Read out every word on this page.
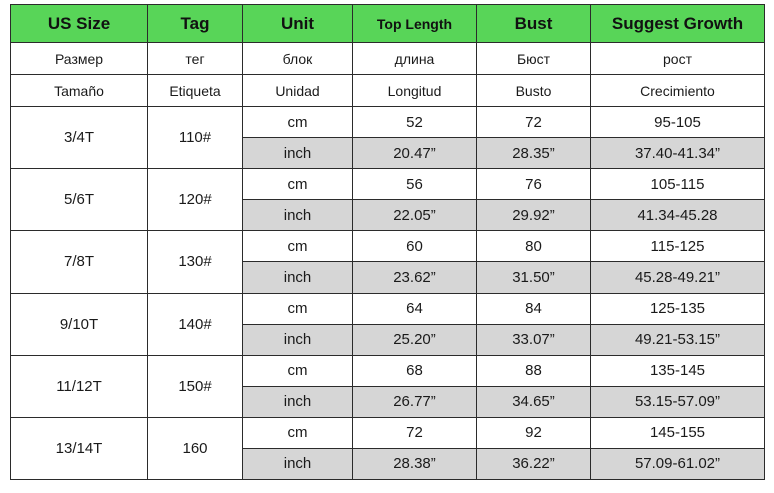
US Size	Tag	Unit	Top Length	Bust	Suggest Growth
Размер	тег	блок	длина	Бюст	рост
Tamaño	Etiqueta	Unidad	Longitud	Busto	Crecimiento
3/4T	110#	cm	52	72	95-105
		inch	20.47”	28.35”	37.40-41.34”
5/6T	120#	cm	56	76	105-115
		inch	22.05”	29.92”	41.34-45.28
7/8T	130#	cm	60	80	115-125
		inch	23.62”	31.50”	45.28-49.21”
9/10T	140#	cm	64	84	125-135
		inch	25.20”	33.07”	49.21-53.15”
11/12T	150#	cm	68	88	135-145
		inch	26.77”	34.65”	53.15-57.09”
13/14T	160	cm	72	92	145-155
		inch	28.38”	36.22”	57.09-61.02”
